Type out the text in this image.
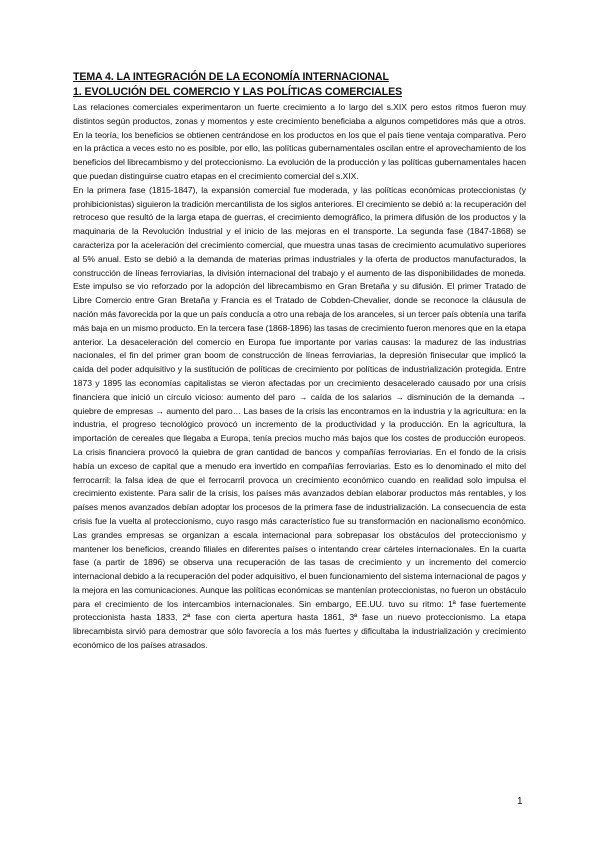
TEMA 4. LA INTEGRACIÓN DE LA ECONOMÍA INTERNACIONAL

1. EVOLUCIÓN DEL COMERCIO Y LAS POLÍTICAS COMERCIALES

Las relaciones comerciales experimentaron un fuerte crecimiento a lo largo del s.XIX pero estos ritmos fueron muy distintos según productos, zonas y momentos y este crecimiento beneficiaba a algunos competidores más que a otros. En la teoría, los beneficios se obtienen centrándose en los productos en los que el país tiene ventaja comparativa. Pero en la práctica a veces esto no es posible, por ello, las políticas gubernamentales oscilan entre el aprovechamiento de los beneficios del librecambismo y del proteccionismo. La evolución de la producción y las políticas gubernamentales hacen que puedan distinguirse cuatro etapas en el crecimiento comercial del s.XIX.

En la primera fase (1815-1847), la expansión comercial fue moderada, y las políticas económicas proteccionistas (y prohibicionistas) siguieron la tradición mercantilista de los siglos anteriores. El crecimiento se debió a: la recuperación del retroceso que resultó de la larga etapa de guerras, el crecimiento demográfico, la primera difusión de los productos y la maquinaria de la Revolución Industrial y el inicio de las mejoras en el transporte. La segunda fase (1847-1868) se caracteriza por la aceleración del crecimiento comercial, que muestra unas tasas de crecimiento acumulativo superiores al 5% anual. Esto se debió a la demanda de materias primas industriales y la oferta de productos manufacturados, la construcción de líneas ferroviarias, la división internacional del trabajo y el aumento de las disponibilidades de moneda. Este impulso se vio reforzado por la adopción del librecambismo en Gran Bretaña y su difusión. El primer Tratado de Libre Comercio entre Gran Bretaña y Francia es el Tratado de Cobden-Chevalier, donde se reconoce la cláusula de nación más favorecida por la que un país conducía a otro una rebaja de los aranceles, si un tercer país obtenía una tarifa más baja en un mismo producto. En la tercera fase (1868-1896) las tasas de crecimiento fueron menores que en la etapa anterior. La desaceleración del comercio en Europa fue importante por varias causas: la madurez de las industrias nacionales, el fin del primer gran boom de construcción de líneas ferroviarias, la depresión finisecular que implicó la caída del poder adquisitivo y la sustitución de políticas de crecimiento por políticas de industrialización protegida. Entre 1873 y 1895 las economías capitalistas se vieron afectadas por un crecimiento desacelerado causado por una crisis financiera que inició un círculo vicioso: aumento del paro → caída de los salarios → disminución de la demanda → quiebre de empresas → aumento del paro… Las bases de la crisis las encontramos en la industria y la agricultura: en la industria, el progreso tecnológico provocó un incremento de la productividad y la producción. En la agricultura, la importación de cereales que llegaba a Europa, tenía precios mucho más bajos que los costes de producción europeos. La crisis financiera provocó la quiebra de gran cantidad de bancos y compañías ferroviarias. En el fondo de la crisis había un exceso de capital que a menudo era invertido en compañías ferroviarias. Esto es lo denominado el mito del ferrocarril: la falsa idea de que el ferrocarril provoca un crecimiento económico cuando en realidad solo impulsa el crecimiento existente. Para salir de la crisis, los países más avanzados debían elaborar productos más rentables, y los países menos avanzados debían adoptar los procesos de la primera fase de industrialización. La consecuencia de esta crisis fue la vuelta al proteccionismo, cuyo rasgo más característico fue su transformación en nacionalismo económico. Las grandes empresas se organizan a escala internacional para sobrepasar los obstáculos del proteccionismo y mantener los beneficios, creando filiales en diferentes países o intentando crear cárteles internacionales. En la cuarta fase (a partir de 1896) se observa una recuperación de las tasas de crecimiento y un incremento del comercio internacional debido a la recuperación del poder adquisitivo, el buen funcionamiento del sistema internacional de pagos y la mejora en las comunicaciones. Aunque las políticas económicas se mantenían proteccionistas, no fueron un obstáculo para el crecimiento de los intercambios internacionales. Sin embargo, EE.UU. tuvo su ritmo: 1ª fase fuertemente proteccionista hasta 1833, 2ª fase con cierta apertura hasta 1861, 3ª fase un nuevo proteccionismo. La etapa librecambista sirvió para demostrar que sólo favorecía a los más fuertes y dificultaba la industrialización y crecimiento económico de los países atrasados.

1
